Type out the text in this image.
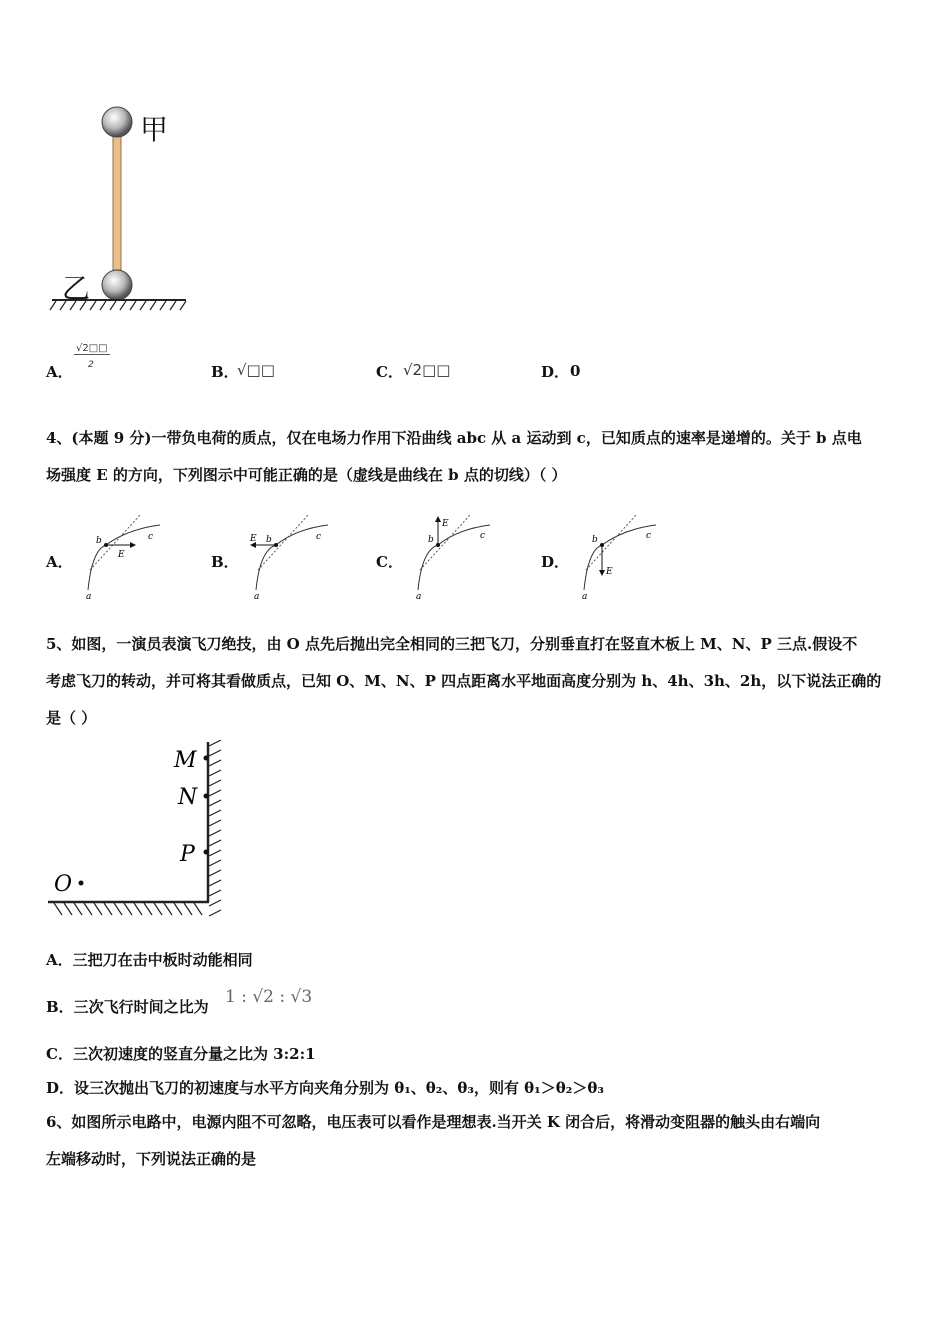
甲
乙
A．
√2□□
2	B．
√□□	C． √2□□	D． 0
4、(本题 9 分)一带负电荷的质点，仅在电场力作用下沿曲线 abc 从 a 运动到 c，已知质点的速率是递增的。关于 b 点电
场强度 E 的方向，下列图示中可能正确的是（虚线是曲线在 b 点的切线）（ ）
A．	B．	C．	D．
b
E
c
a
E b	c
a
E
b	c
a
b
E
c
a
5、如图，一演员表演飞刀绝技，由 O 点先后抛出完全相同的三把飞刀，分别垂直打在竖直木板上 M、N、P 三点.假设不
考虑飞刀的转动，并可将其看做质点，已知 O、M、N、P 四点距离水平地面高度分别为 h、4h、3h、2h，以下说法正确的
是（ ）
M
N
P
O
A．三把刀在击中板时动能相同
B．三次飞行时间之比为 1 : √2 : √3
C．三次初速度的竖直分量之比为 3:2:1
D．设三次抛出飞刀的初速度与水平方向夹角分别为 θ₁、θ₂、θ₃，则有 θ₁＞θ₂＞θ₃
6、如图所示电路中，电源内阻不可忽略，电压表可以看作是理想表.当开关 K 闭合后，将滑动变阻器的触头由右端向
左端移动时，下列说法正确的是
